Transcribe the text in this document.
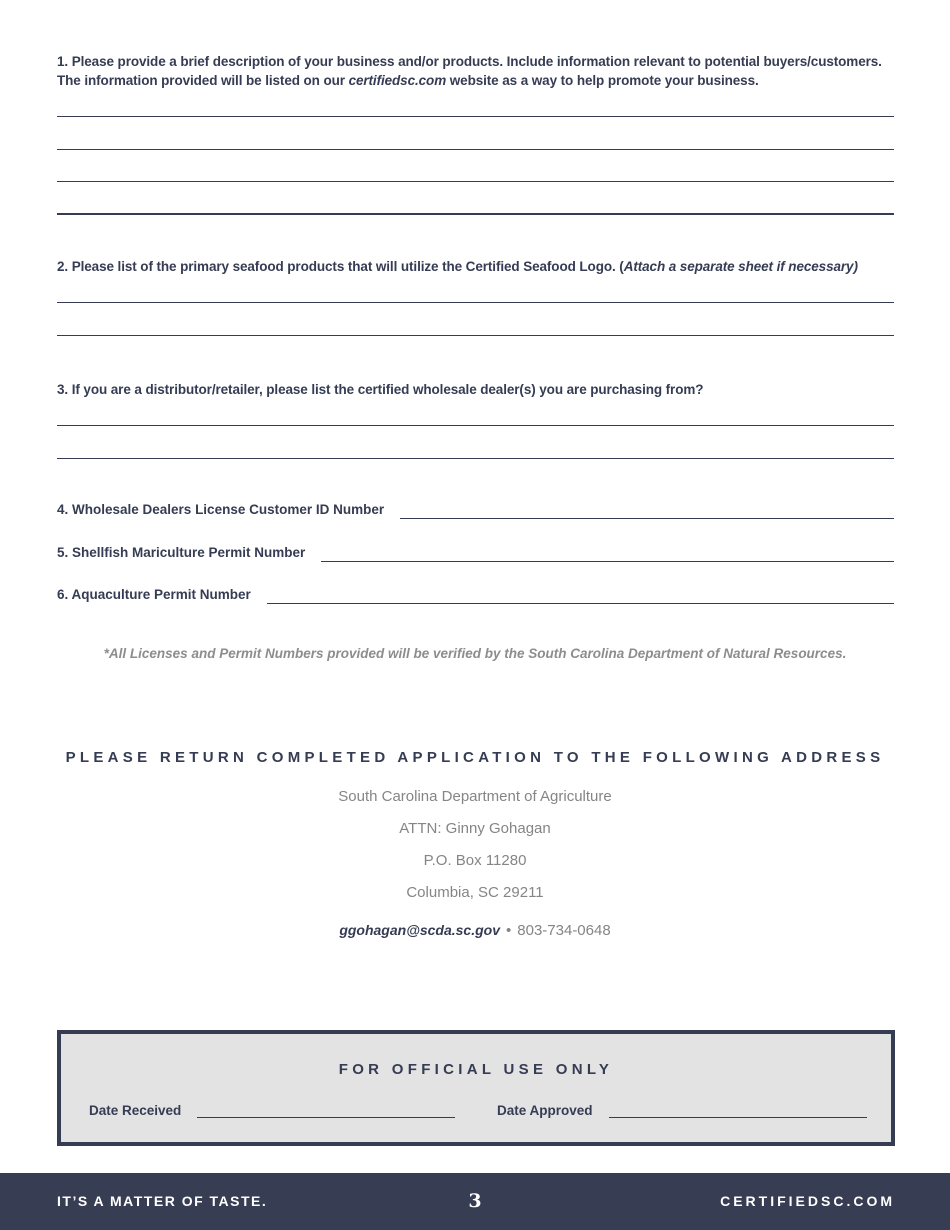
1. Please provide a brief description of your business and/or products. Include information relevant to potential buyers/customers. The information provided will be listed on our certifiedsc.com website as a way to help promote your business.
2. Please list of the primary seafood products that will utilize the Certified Seafood Logo. (Attach a separate sheet if necessary)
3. If you are a distributor/retailer, please list the certified wholesale dealer(s) you are purchasing from?
4. Wholesale Dealers License Customer ID Number
5. Shellfish Mariculture Permit Number
6. Aquaculture Permit Number
*All Licenses and Permit Numbers provided will be verified by the South Carolina Department of Natural Resources.
PLEASE RETURN COMPLETED APPLICATION TO THE FOLLOWING ADDRESS
South Carolina Department of Agriculture
ATTN: Ginny Gohagan
P.O. Box 11280
Columbia, SC 29211
ggohagan@scda.sc.gov • 803-734-0648
FOR OFFICIAL USE ONLY
Date Received	Date Approved
IT’S A MATTER OF TASTE.	3	CERTIFIEDSC.COM
